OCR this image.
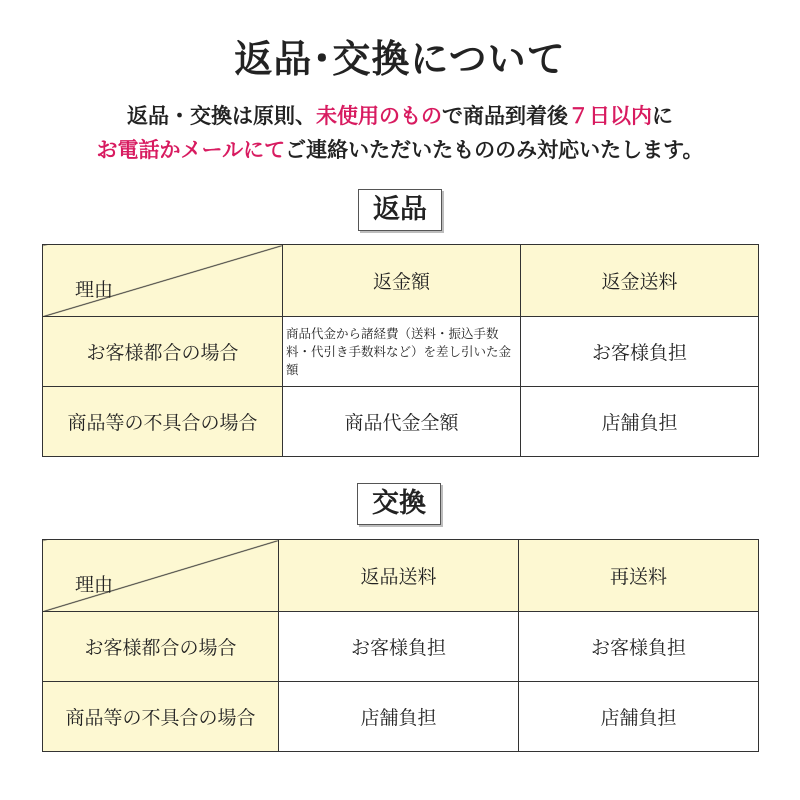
返品･交換について
返品・交換は原則、未使用のもので商品到着後７日以内に
お電話かメールにてご連絡いただいたもののみ対応いたします。
返品
理由	返金額	返金送料
お客様都合の場合	商品代金から諸経費（送料・振込手数料・代引き手数料など）を差し引いた金額	お客様負担
商品等の不具合の場合	商品代金全額	店舗負担
交換
理由	返品送料	再送料
お客様都合の場合	お客様負担	お客様負担
商品等の不具合の場合	店舗負担	店舗負担
